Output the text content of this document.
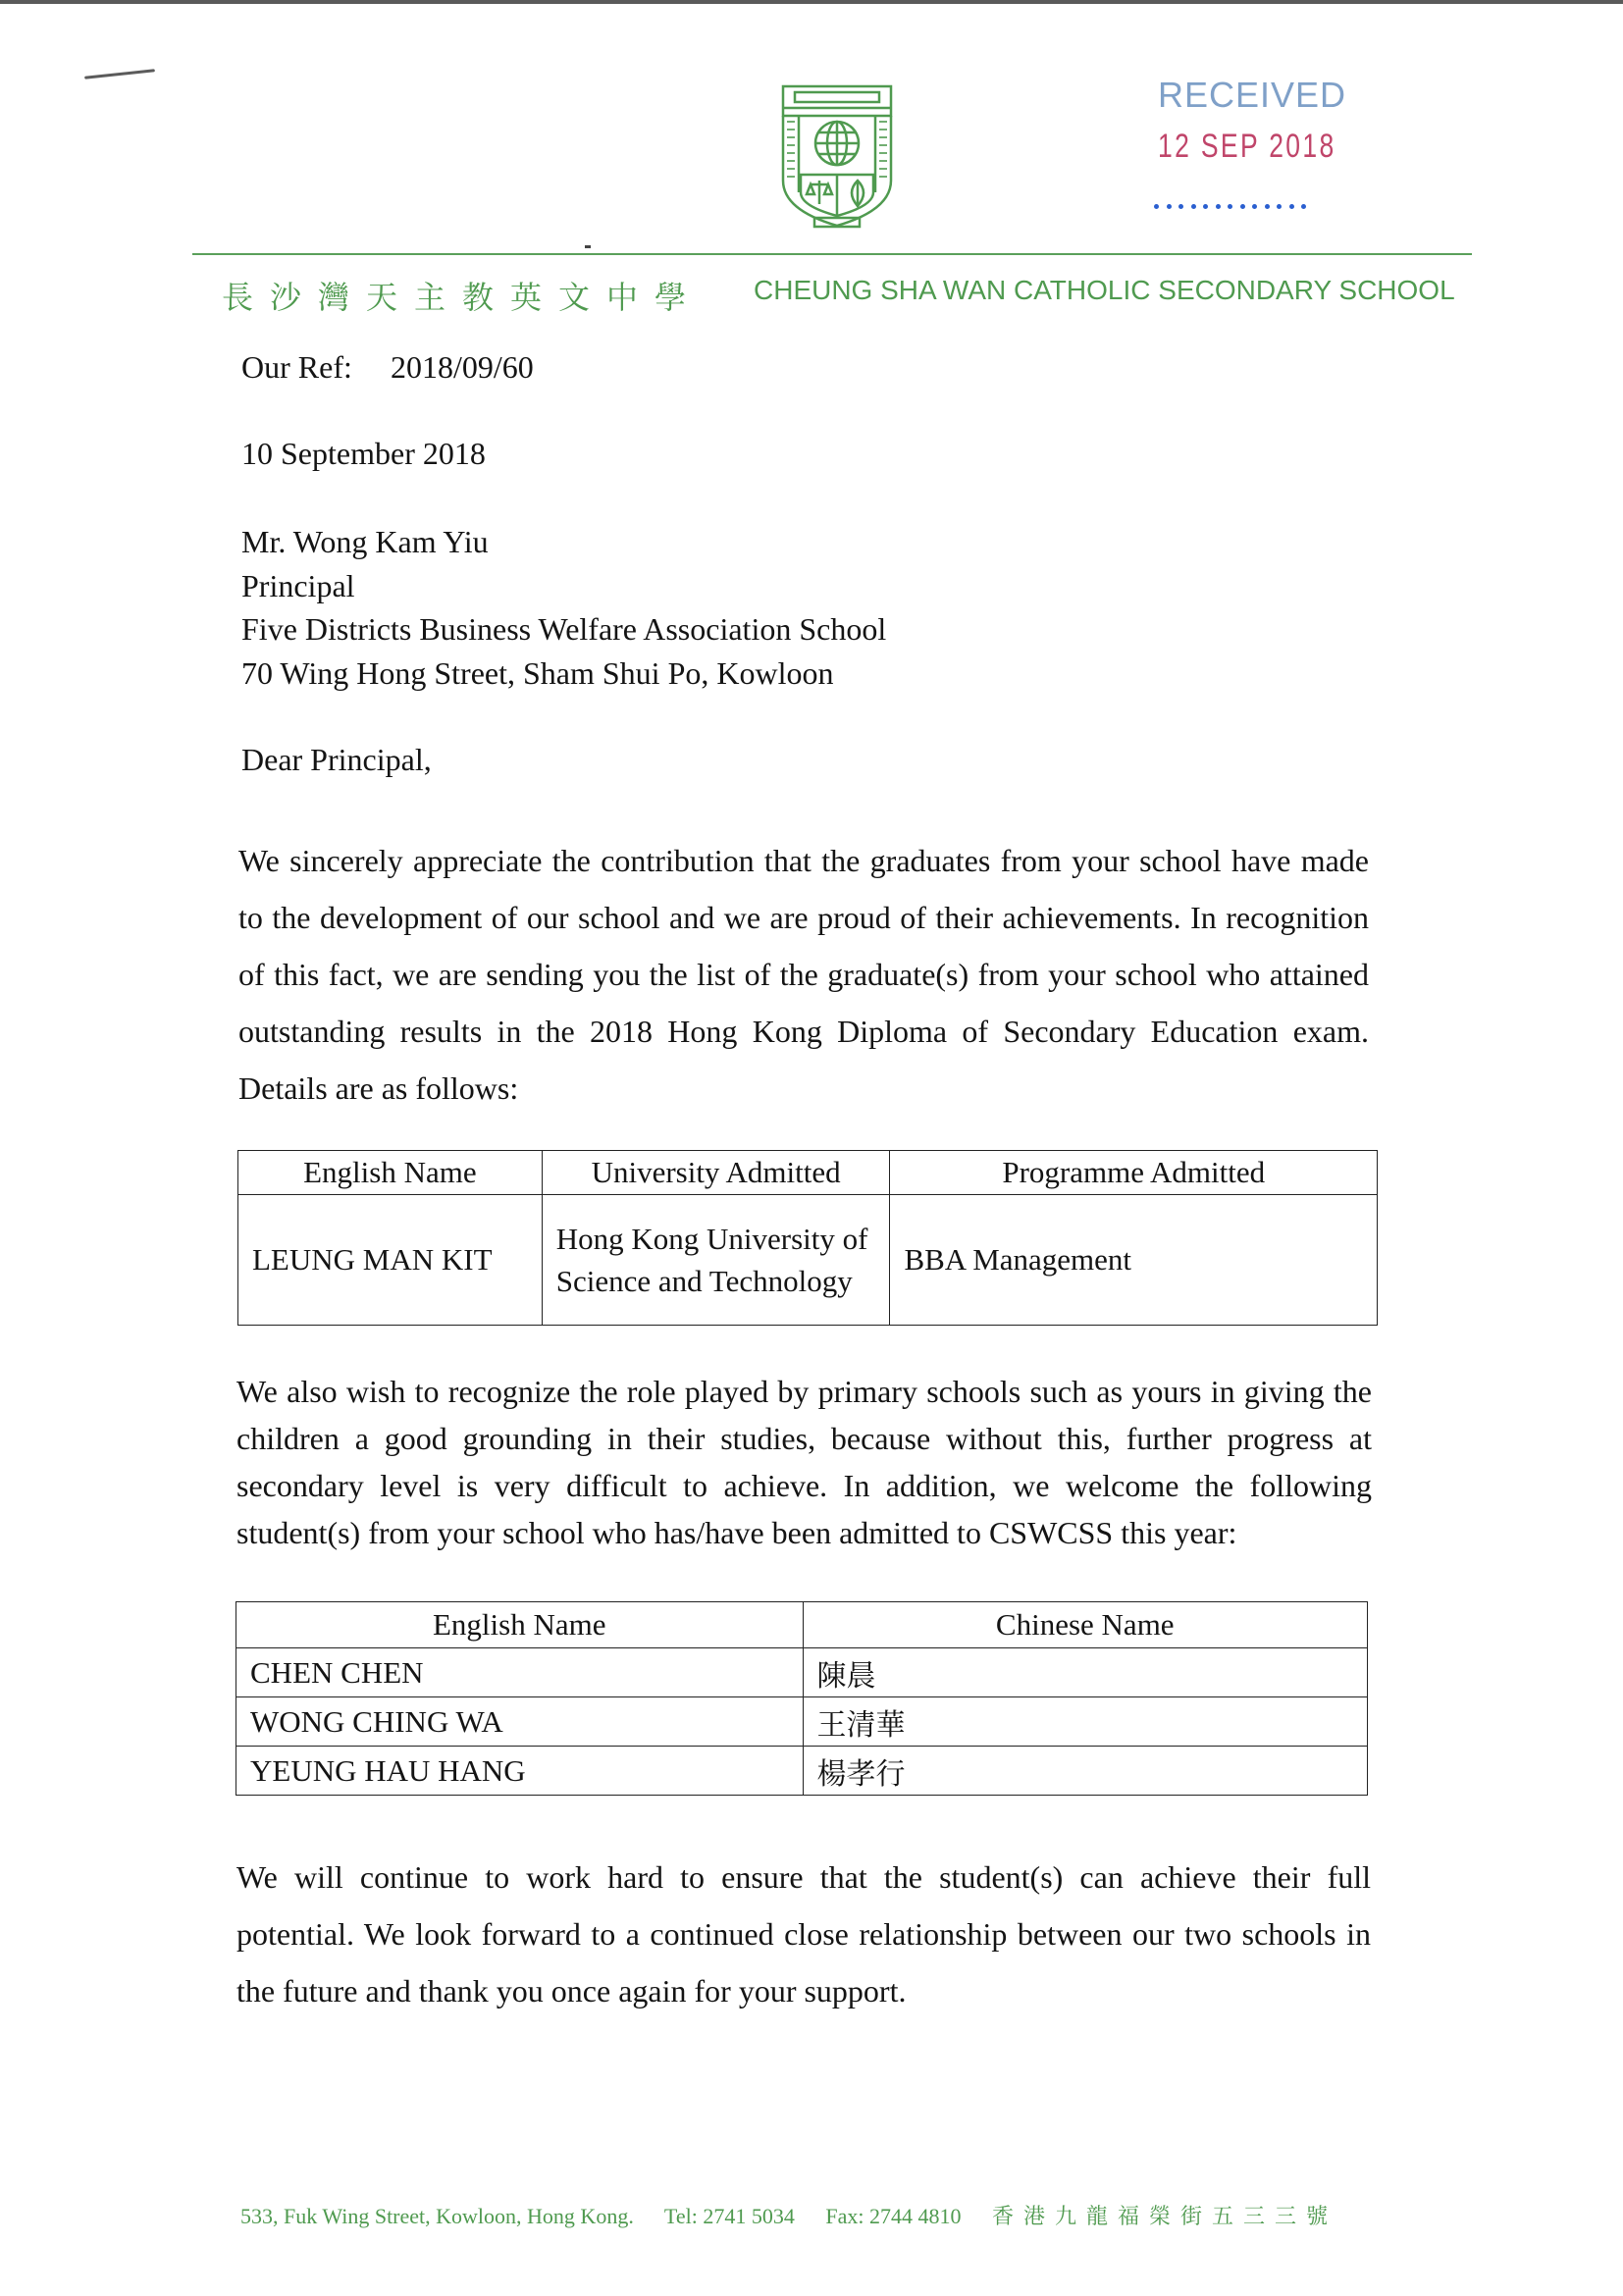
RECEIVED
12 SEP 2018
長沙灣天主教英文中學 CHEUNG SHA WAN CATHOLIC SECONDARY SCHOOL
Our Ref: 2018/09/60
10 September 2018
Mr. Wong Kam Yiu
Principal
Five Districts Business Welfare Association School
70 Wing Hong Street, Sham Shui Po, Kowloon
Dear Principal,
We sincerely appreciate the contribution that the graduates from your school have made to the development of our school and we are proud of their achievements. In recognition of this fact, we are sending you the list of the graduate(s) from your school who attained outstanding results in the 2018 Hong Kong Diploma of Secondary Education exam. Details are as follows:
English Name	University Admitted	Programme Admitted
LEUNG MAN KIT	Hong Kong University of Science and Technology	BBA Management
We also wish to recognize the role played by primary schools such as yours in giving the children a good grounding in their studies, because without this, further progress at secondary level is very difficult to achieve. In addition, we welcome the following student(s) from your school who has/have been admitted to CSWCSS this year:
English Name	Chinese Name
CHEN CHEN	陳晨
WONG CHING WA	王清華
YEUNG HAU HANG	楊孝行
We will continue to work hard to ensure that the student(s) can achieve their full potential. We look forward to a continued close relationship between our two schools in the future and thank you once again for your support.
533, Fuk Wing Street, Kowloon, Hong Kong. Tel: 2741 5034 Fax: 2744 4810 香港九龍福榮街五三三號
